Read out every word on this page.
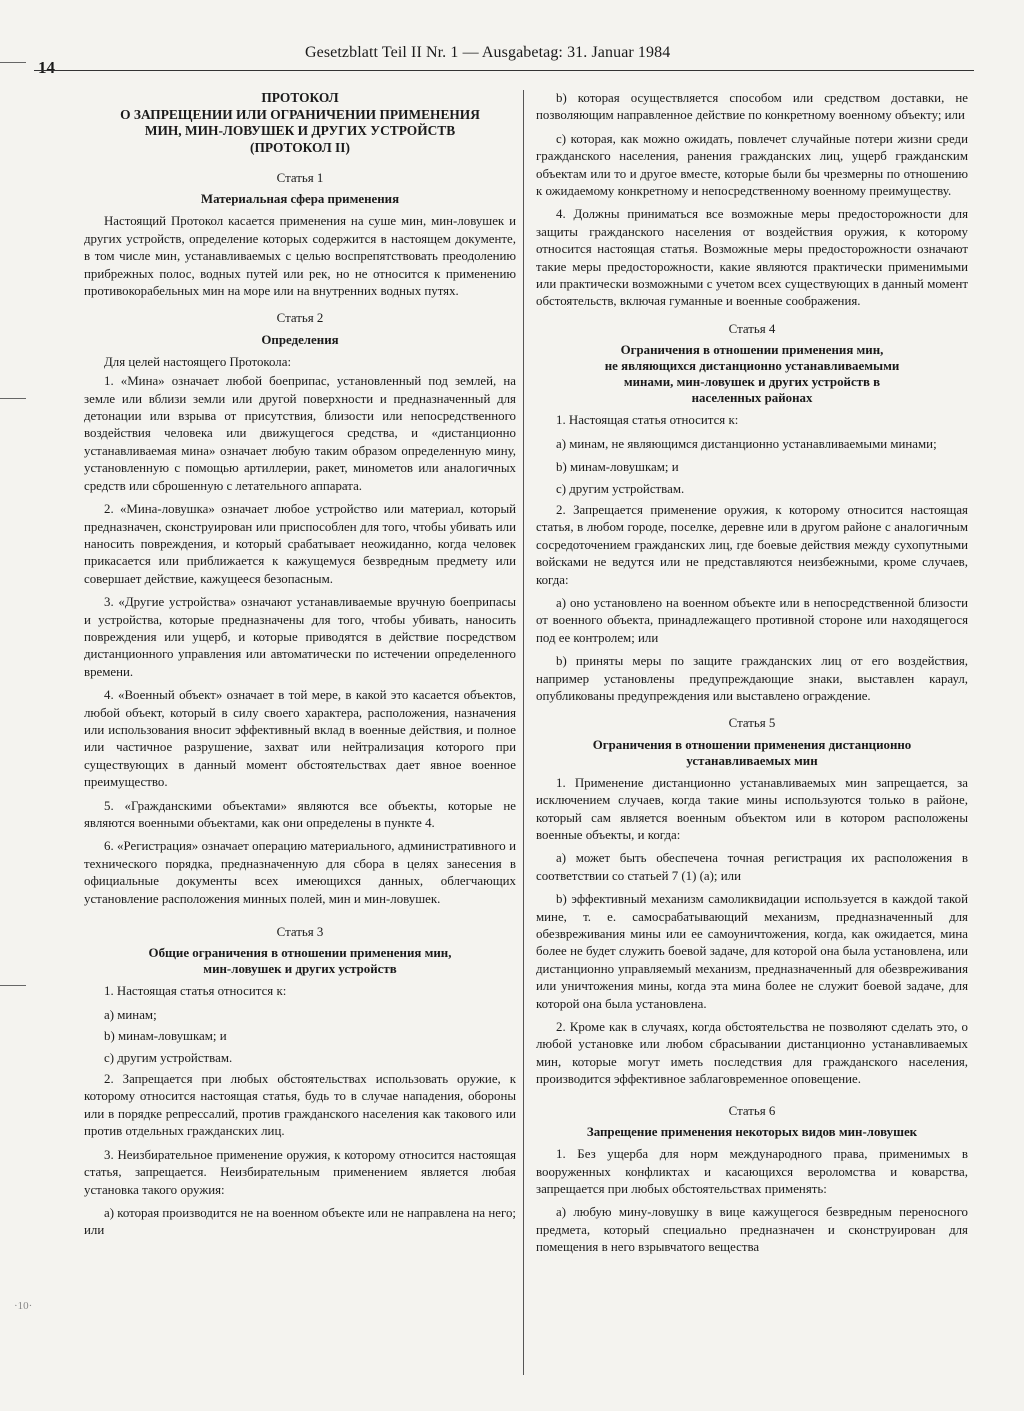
14
Gesetzblatt Teil II Nr. 1 — Ausgabetag: 31. Januar 1984
·10·
ПРОТОКОЛ
О ЗАПРЕЩЕНИИ ИЛИ ОГРАНИЧЕНИИ ПРИМЕНЕНИЯ
МИН, МИН-ЛОВУШЕК И ДРУГИХ УСТРОЙСТВ
(ПРОТОКОЛ II)
Статья 1
Материальная сфера применения

Настоящий Протокол касается применения на суше мин, мин-ловушек и других устройств, определение которых содержится в настоящем документе, в том числе мин, устанавливаемых с целью воспрепятствовать преодолению прибрежных полос, водных путей или рек, но не относится к применению противокорабельных мин на море или на внутренних водных путях.

Статья 2
Определения

Для целей настоящего Протокола:

1. «Мина» означает любой боеприпас, установленный под землей, на земле или вблизи земли или другой поверхности и предназначенный для детонации или взрыва от присутствия, близости или непосредственного воздействия человека или движущегося средства, и «дистанционно устанавливаемая мина» означает любую таким образом определенную мину, установленную с помощью артиллерии, ракет, минометов или аналогичных средств или сброшенную с летательного аппарата.

2. «Мина-ловушка» означает любое устройство или материал, который предназначен, сконструирован или приспособлен для того, чтобы убивать или наносить повреждения, и который срабатывает неожиданно, когда человек прикасается или приближается к кажущемуся безвредным предмету или совершает действие, кажущееся безопасным.

3. «Другие устройства» означают устанавливаемые вручную боеприпасы и устройства, которые предназначены для того, чтобы убивать, наносить повреждения или ущерб, и которые приводятся в действие посредством дистанционного управления или автоматически по истечении определенного времени.

4. «Военный объект» означает в той мере, в какой это касается объектов, любой объект, который в силу своего характера, расположения, назначения или использования вносит эффективный вклад в военные действия, и полное или частичное разрушение, захват или нейтрализация которого при существующих в данный момент обстоятельствах дает явное военное преимущество.

5. «Гражданскими объектами» являются все объекты, которые не являются военными объектами, как они определены в пункте 4.

6. «Регистрация» означает операцию материального, административного и технического порядка, предназначенную для сбора в целях занесения в официальные документы всех имеющихся данных, облегчающих установление расположения минных полей, мин и мин-ловушек.

Статья 3
Общие ограничения в отношении применения мин,
мин-ловушек и других устройств

1. Настоящая статья относится к:

a) минам;

b) минам-ловушкам; и

c) другим устройствам.

2. Запрещается при любых обстоятельствах использовать оружие, к которому относится настоящая статья, будь то в случае нападения, обороны или в порядке репрессалий, против гражданского населения как такового или против отдельных гражданских лиц.

3. Неизбирательное применение оружия, к которому относится настоящая статья, запрещается. Неизбирательным применением является любая установка такого оружия:

a) которая производится не на военном объекте или не направлена на него; или

b) которая осуществляется способом или средством доставки, не позволяющим направленное действие по конкретному военному объекту; или

c) которая, как можно ожидать, повлечет случайные потери жизни среди гражданского населения, ранения гражданских лиц, ущерб гражданским объектам или то и другое вместе, которые были бы чрезмерны по отношению к ожидаемому конкретному и непосредственному военному преимуществу.

4. Должны приниматься все возможные меры предосторожности для защиты гражданского населения от воздействия оружия, к которому относится настоящая статья. Возможные меры предосторожности означают такие меры предосторожности, какие являются практически применимыми или практически возможными с учетом всех существующих в данный момент обстоятельств, включая гуманные и военные соображения.

Статья 4
Ограничения в отношении применения мин,
не являющихся дистанционно устанавливаемыми
минами, мин-ловушек и других устройств в
населенных районах

1. Настоящая статья относится к:

a) минам, не являющимся дистанционно устанавливаемыми минами;

b) минам-ловушкам; и

c) другим устройствам.

2. Запрещается применение оружия, к которому относится настоящая статья, в любом городе, поселке, деревне или в другом районе с аналогичным сосредоточением гражданских лиц, где боевые действия между сухопутными войсками не ведутся или не представляются неизбежными, кроме случаев, когда:

a) оно установлено на военном объекте или в непосредственной близости от военного объекта, принадлежащего противной стороне или находящегося под ее контролем; или

b) приняты меры по защите гражданских лиц от его воздействия, например установлены предупреждающие знаки, выставлен караул, опубликованы предупреждения или выставлено ограждение.

Статья 5
Ограничения в отношении применения дистанционно
устанавливаемых мин

1. Применение дистанционно устанавливаемых мин запрещается, за исключением случаев, когда такие мины используются только в районе, который сам является военным объектом или в котором расположены военные объекты, и когда:

a) может быть обеспечена точная регистрация их расположения в соответствии со статьей 7 (1) (a); или

b) эффективный механизм самоликвидации используется в каждой такой мине, т. е. самосрабатывающий механизм, предназначенный для обезвреживания мины или ее самоуничтожения, когда, как ожидается, мина более не будет служить боевой задаче, для которой она была установлена, или дистанционно управляемый механизм, предназначенный для обезвреживания или уничтожения мины, когда эта мина более не служит боевой задаче, для которой она была установлена.

2. Кроме как в случаях, когда обстоятельства не позволяют сделать это, о любой установке или любом сбрасывании дистанционно устанавливаемых мин, которые могут иметь последствия для гражданского населения, производится эффективное заблаговременное оповещение.

Статья 6
Запрещение применения некоторых видов мин-ловушек

1. Без ущерба для норм международного права, применимых в вооруженных конфликтах и касающихся вероломства и коварства, запрещается при любых обстоятельствах применять:

a) любую мину-ловушку в вице кажущегося безвредным переносного предмета, который специально предназначен и сконструирован для помещения в него взрывчатого вещества
